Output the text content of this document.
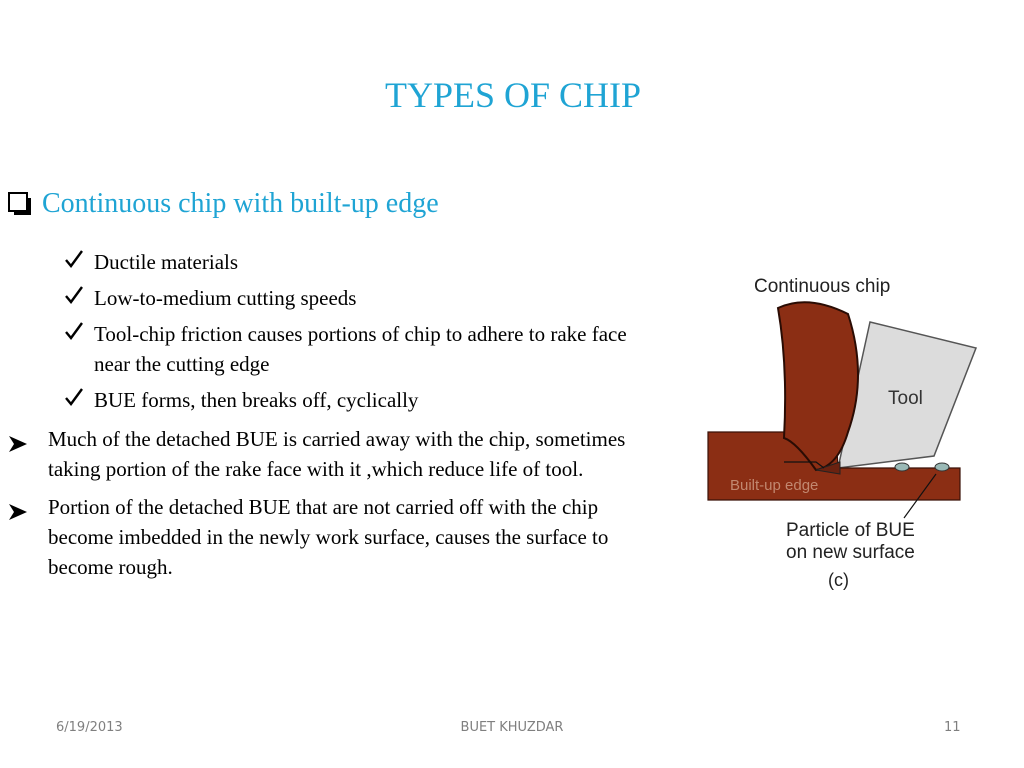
TYPES OF CHIP
Continuous chip with built-up edge
Ductile materials
Low-to-medium cutting speeds
Tool-chip friction causes portions of chip to adhere to rake face near the cutting edge
BUE forms, then breaks off, cyclically
Much of the detached BUE is carried away with the chip, sometimes taking portion of the rake face with it ,which reduce life of tool.
Portion of the detached BUE that are not carried off with the chip become imbedded in the newly work surface, causes the surface to become rough.
Continuous chip
Tool
Built-up edge
Particle of BUE
on new surface
(c)
6/19/2013	BUET KHUZDAR	11
